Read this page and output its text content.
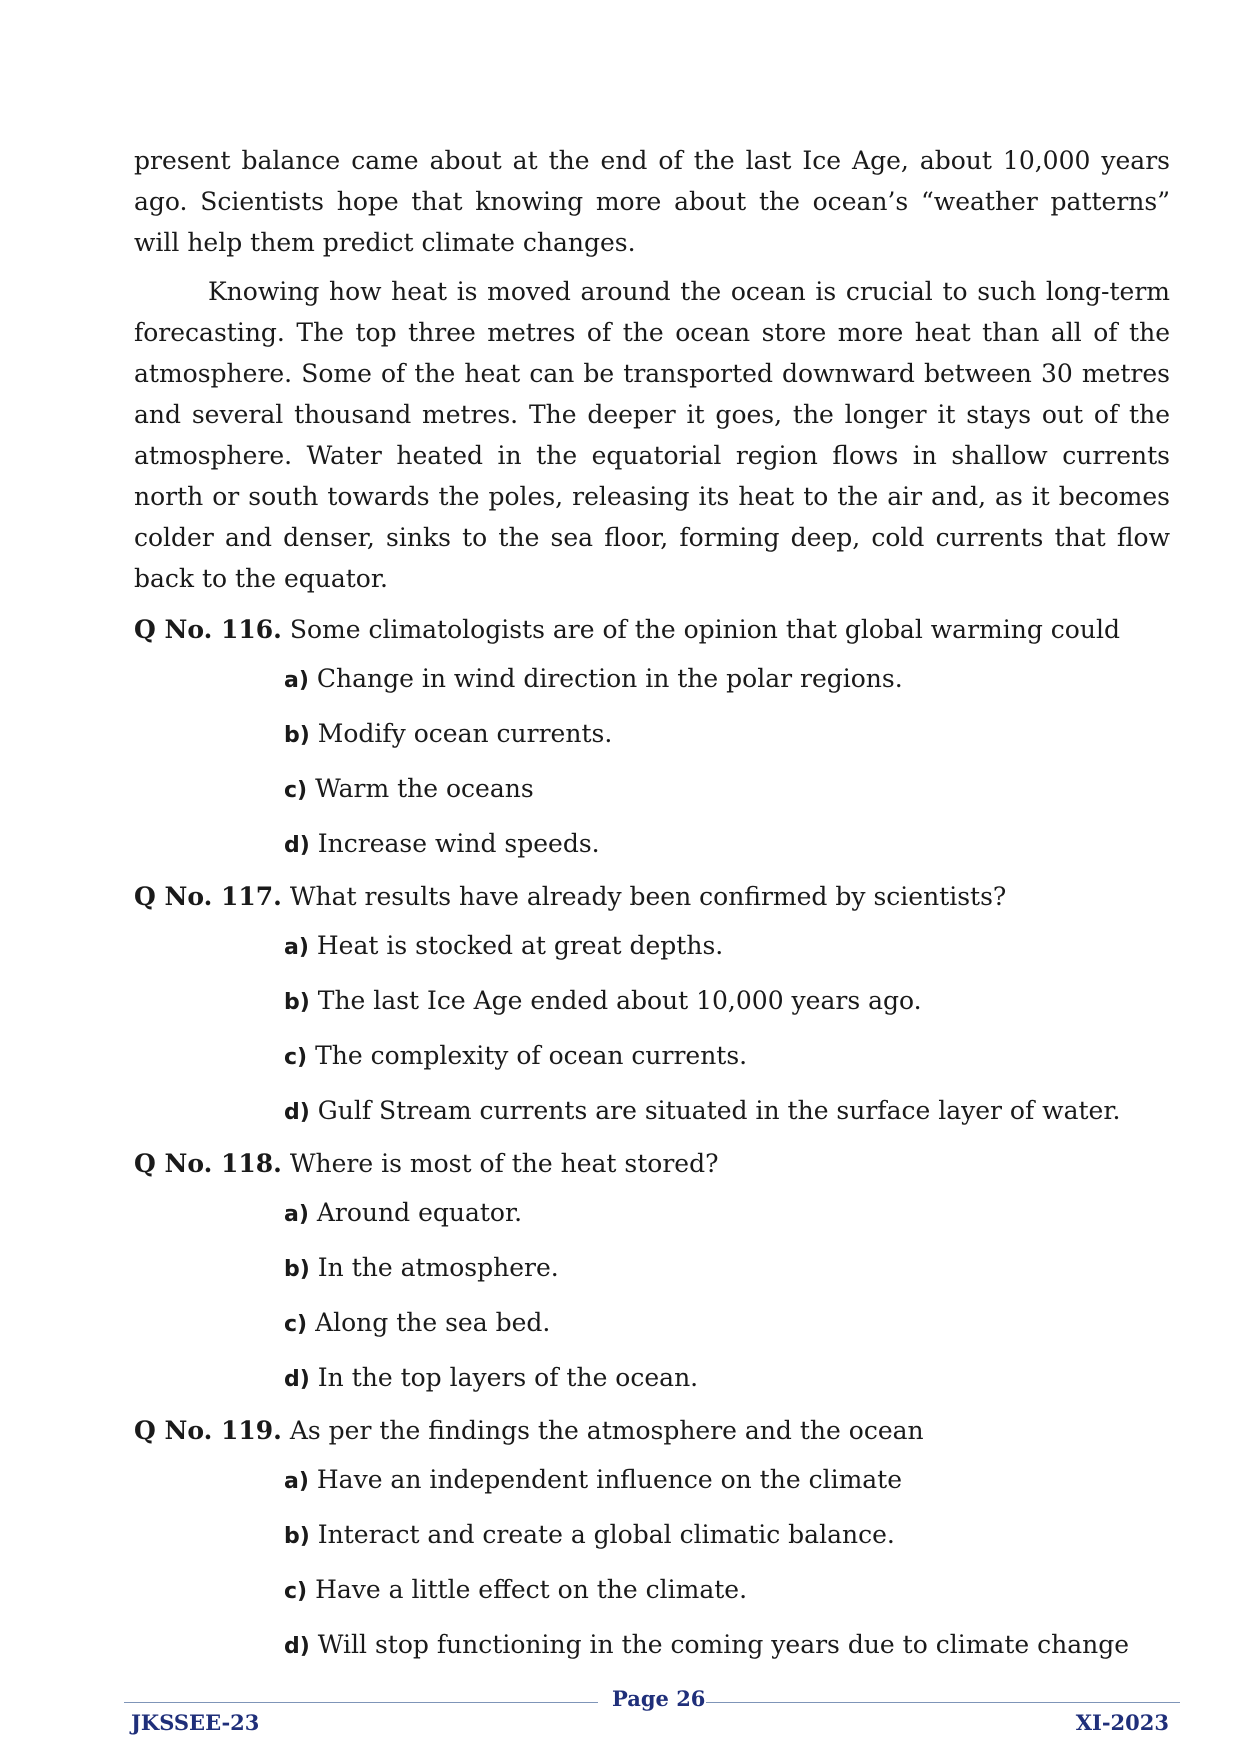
present balance came about at the end of the last Ice Age, about 10,000 years ago. Scientists hope that knowing more about the ocean’s “weather patterns” will help them predict climate changes.

Knowing how heat is moved around the ocean is crucial to such long-term forecasting. The top three metres of the ocean store more heat than all of the atmosphere. Some of the heat can be transported downward between 30 metres and several thousand metres. The deeper it goes, the longer it stays out of the atmosphere. Water heated in the equatorial region flows in shallow currents north or south towards the poles, releasing its heat to the air and, as it becomes colder and denser, sinks to the sea floor, forming deep, cold currents that flow back to the equator.

Q No. 116. Some climatologists are of the opinion that global warming could
a) Change in wind direction in the polar regions.
b) Modify ocean currents.
c) Warm the oceans
d) Increase wind speeds.
Q No. 117. What results have already been confirmed by scientists?
a) Heat is stocked at great depths.
b) The last Ice Age ended about 10,000 years ago.
c) The complexity of ocean currents.
d) Gulf Stream currents are situated in the surface layer of water.
Q No. 118. Where is most of the heat stored?
a) Around equator.
b) In the atmosphere.
c) Along the sea bed.
d) In the top layers of the ocean.
Q No. 119. As per the findings the atmosphere and the ocean
a) Have an independent influence on the climate
b) Interact and create a global climatic balance.
c) Have a little effect on the climate.
d) Will stop functioning in the coming years due to climate change
JKSSEE-23
Page 26
XI-2023
